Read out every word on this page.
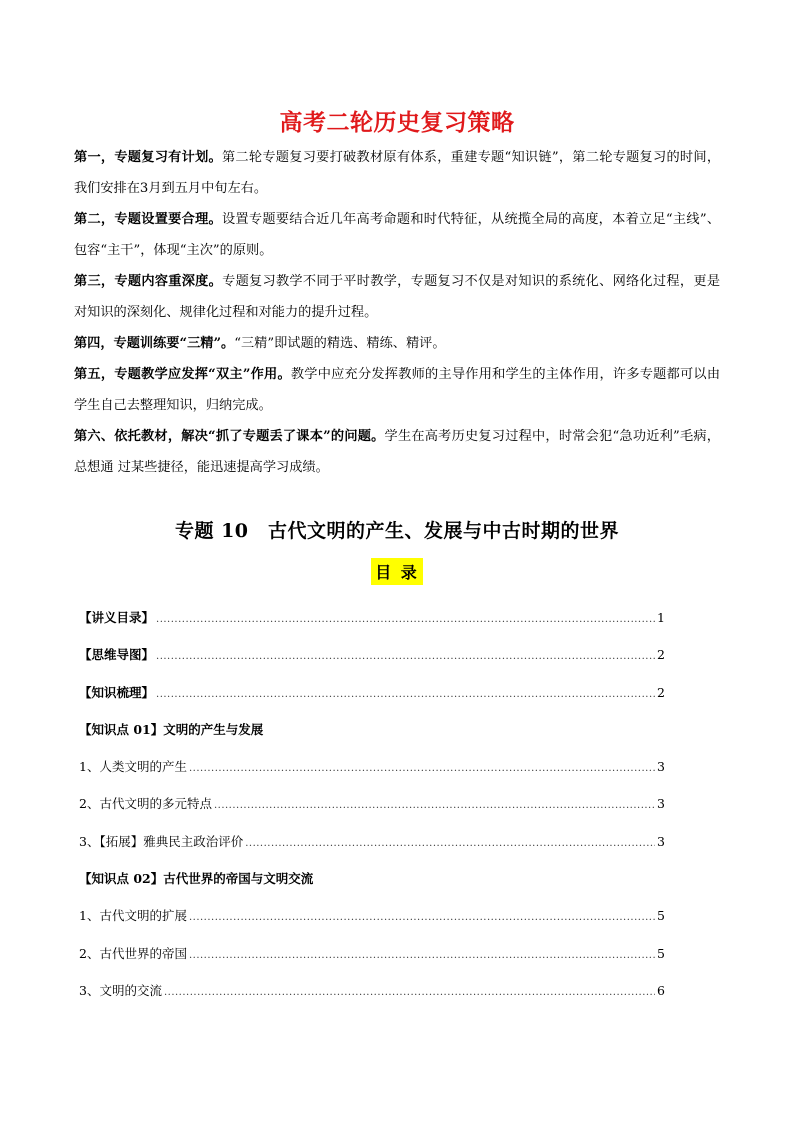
高考二轮历史复习策略

第一，专题复习有计划。第二轮专题复习要打破教材原有体系，重建专题“知识链”，第二轮专题复习的时间，我们安排在3月到五月中旬左右。

第二，专题设置要合理。设置专题要结合近几年高考命题和时代特征，从统揽全局的高度，本着立足“主线”、包容“主干”，体现“主次”的原则。

第三，专题内容重深度。专题复习教学不同于平时教学，专题复习不仅是对知识的系统化、网络化过程，更是对知识的深刻化、规律化过程和对能力的提升过程。

第四，专题训练要“三精”。“三精”即试题的精选、精练、精评。

第五，专题教学应发挥“双主”作用。教学中应充分发挥教师的主导作用和学生的主体作用，许多专题都可以由学生自己去整理知识，归纳完成。

第六、依托教材，解决“抓了专题丢了课本”的问题。学生在高考历史复习过程中，时常会犯“急功近利”毛病，总想通 过某些捷径，能迅速提高学习成绩。

专题 10　古代文明的产生、发展与中古时期的世界
目 录
【讲义目录】 .....	1
【思维导图】 .....	2
【知识梳理】 .....	2
【知识点 01】文明的产生与发展
1、人类文明的产生 .....	3
2、古代文明的多元特点 .....	3
3、【拓展】雅典民主政治评价 .....	3
【知识点 02】古代世界的帝国与文明交流
1、古代文明的扩展 .....	5
2、古代世界的帝国 .....	5
3、文明的交流 .....	6
